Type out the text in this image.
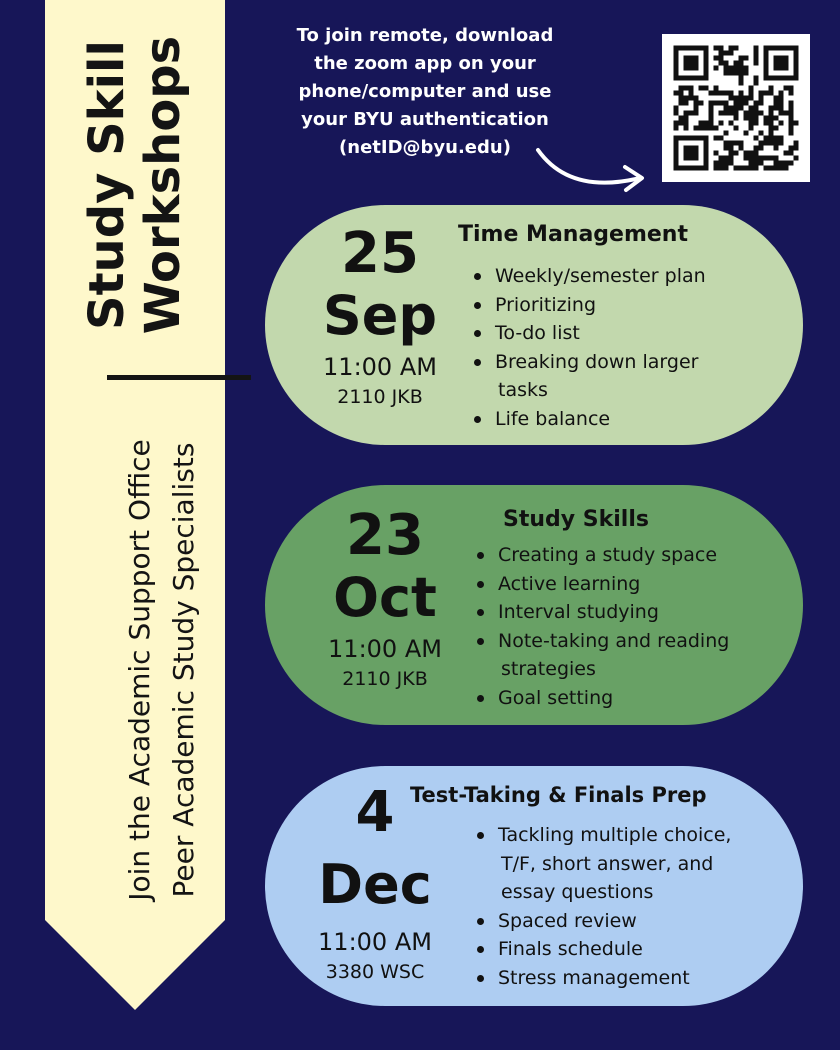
Study Skill Workshops
Join the Academic Support Office Peer Academic Study Specialists
To join remote, download
the zoom app on your
phone/computer and use
your BYU authentication
(netID@byu.edu)
25
Sep
11:00 AM
2110 JKB
Time Management
Weekly/semester plan
Prioritizing
To-do list
Breaking down larger
tasks
Life balance
23
Oct
11:00 AM
2110 JKB
Study Skills
Creating a study space
Active learning
Interval studying
Note-taking and reading
strategies
Goal setting
4
Dec
11:00 AM
3380 WSC
Test-Taking & Finals Prep
Tackling multiple choice,
T/F, short answer, and
essay questions
Spaced review
Finals schedule
Stress management
